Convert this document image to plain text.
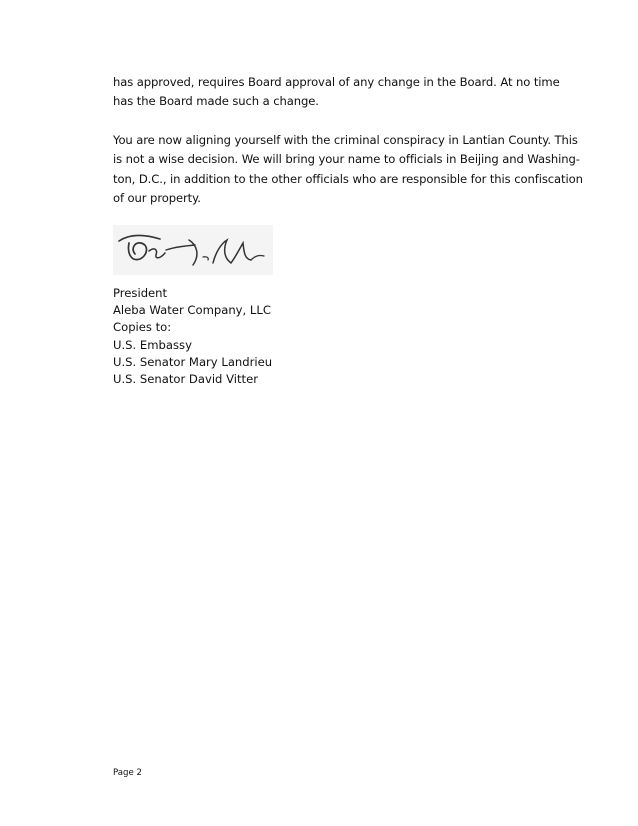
has approved, requires Board approval of any change in the Board. At no time
has the Board made such a change.
You are now aligning yourself with the criminal conspiracy in Lantian County. This
is not a wise decision. We will bring your name to officials in Beijing and Washing-
ton, D.C., in addition to the other officials who are responsible for this confiscation
of our property.
President
Aleba Water Company, LLC
Copies to:
U.S. Embassy
U.S. Senator Mary Landrieu
U.S. Senator David Vitter
Page 2
